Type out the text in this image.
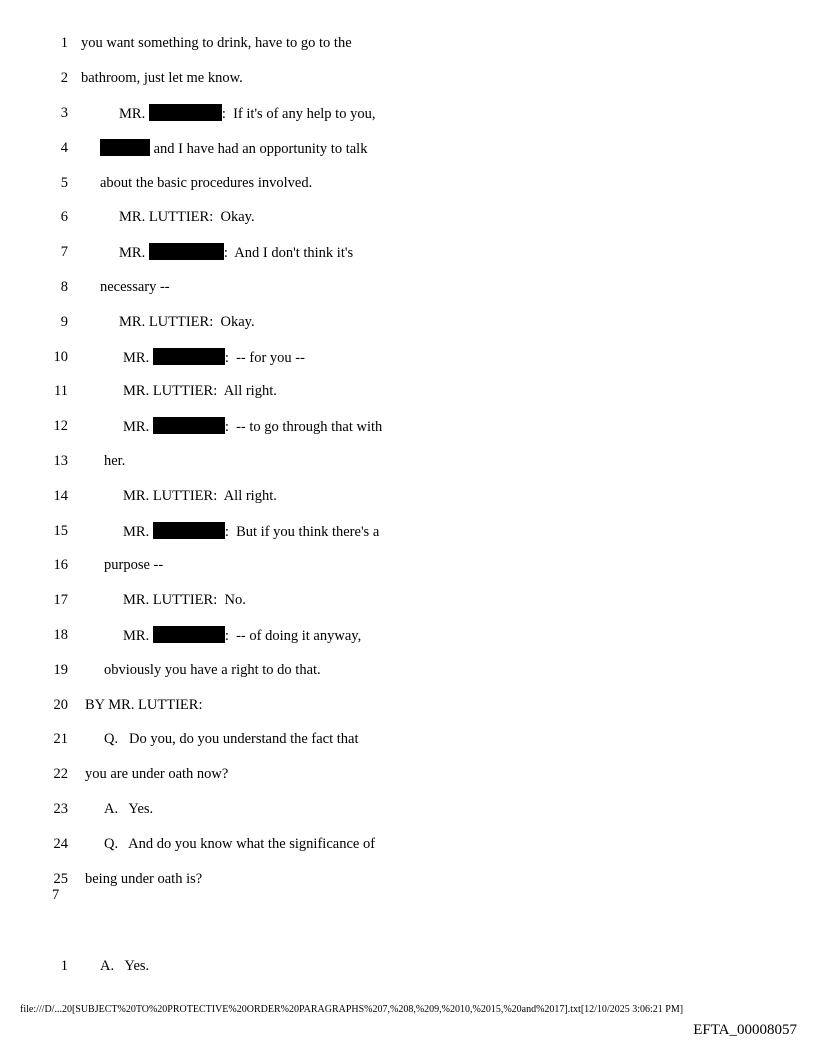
1 you want something to drink, have to go to the
2 bathroom, just let me know.
3	MR.	:  If it's of any help to you,
4	and I have had an opportunity to talk
5 about the basic procedures involved.
6	MR. LUTTIER:  Okay.
7	MR.	:  And I don't think it's
8 necessary --
9	MR. LUTTIER:  Okay.
10	MR.	:  -- for you --
11	MR. LUTTIER:  All right.
12	MR.	:  -- to go through that with
13 her.
14	MR. LUTTIER:  All right.
15	MR.	:  But if you think there's a
16 purpose --
17	MR. LUTTIER:  No.
18	MR.	:  -- of doing it anyway,
19 obviously you have a right to do that.
20 BY MR. LUTTIER:
21 Q.   Do you, do you understand the fact that
22 you are under oath now?
23 A.   Yes.
24 Q.   And do you know what the significance of
25 being under oath is?
7
1 A.   Yes.
file:///D/...20[SUBJECT%20TO%20PROTECTIVE%20ORDER%20PARAGRAPHS%207,%208,%209,%2010,%2015,%20and%2017].txt[12/10/2025 3:06:21 PM]
EFTA_00008057
